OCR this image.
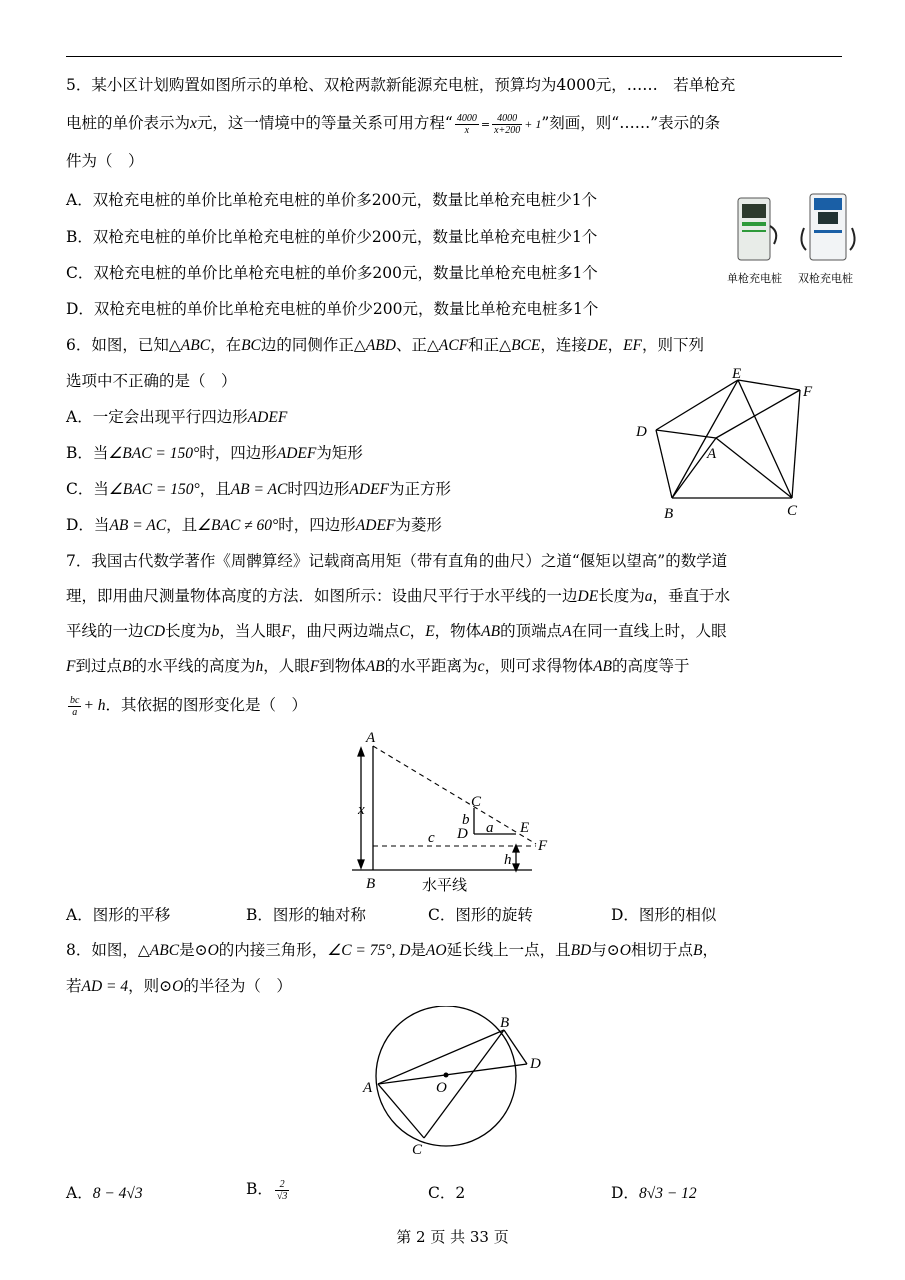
5．某小区计划购置如图所示的单枪、双枪两款新能源充电桩，预算均为4000元，……　若单枪充
电桩的单价表示为x元，这一情境中的等量关系可用方程“ $\frac{4000}{x} = \frac{4000}{x+200} + 1$”刻画，则“……”表示的条
件为（　）
A．双枪充电桩的单价比单枪充电桩的单价多200元，数量比单枪充电桩少1个
B．双枪充电桩的单价比单枪充电桩的单价少200元，数量比单枪充电桩少1个
C．双枪充电桩的单价比单枪充电桩的单价多200元，数量比单枪充电桩多1个
D．双枪充电桩的单价比单枪充电桩的单价少200元，数量比单枪充电桩多1个
单枪充电桩 双枪充电桩
6．如图，已知△ABC，在BC边的同侧作正△ABD、正△ACF和正△BCE，连接DE，EF，则下列
选项中不正确的是（　）
A．一定会出现平行四边形ADEF
B．当∠BAC = 150°时，四边形ADEF为矩形
C．当∠BAC = 150°，且AB = AC时四边形ADEF为正方形
D．当AB = AC，且∠BAC ≠ 60°时，四边形ADEF为菱形
E
F
D
A
B	C
7．我国古代数学著作《周髀算经》记载商高用矩（带有直角的曲尺）之道“偃矩以望高”的数学道
理，即用曲尺测量物体高度的方法．如图所示：设曲尺平行于水平线的一边DE长度为a，垂直于水
平线的一边CD长度为b，当人眼F，曲尺两边端点C，E，物体AB的顶端点A在同一直线上时，人眼
F到过点B的水平线的高度为h，人眼F到物体AB的水平距离为c，则可求得物体AB的高度等于
$\frac{bc}{a} + h$．其依据的图形变化是（　）
A
B
x	C
b
D a E
c	F
h
水平线
A．图形的平移	B．图形的轴对称	C．图形的旋转	D．图形的相似
8．如图，△ABC是⊙O的内接三角形，∠C = 75°, D是AO延长线上一点，且BD与⊙O相切于点B，
若AD = 4，则⊙O的半径为（　）
B
D
A	O
C
A．8 − 4√3	B． $\frac{2}{√3}$	C．2	D．8√3 − 12
第 2 页 共 33 页
